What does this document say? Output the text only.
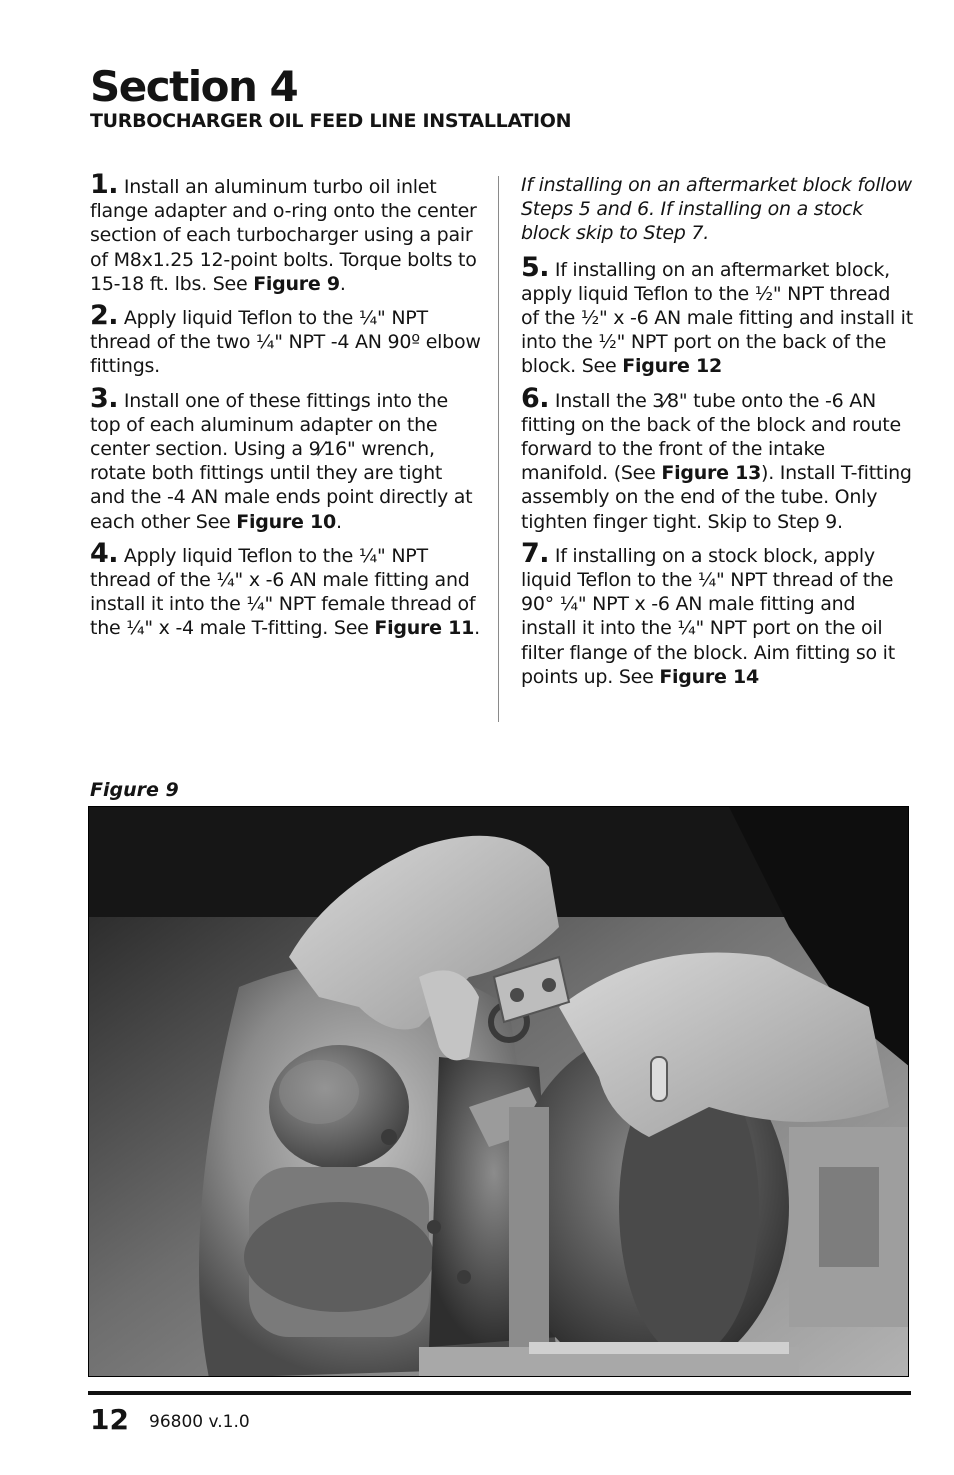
Section 4
TURBOCHARGER OIL FEED LINE INSTALLATION

1. Install an aluminum turbo oil inlet flange adapter and o-ring onto the center section of each turbocharger using a pair of M8x1.25 12-point bolts. Torque bolts to 15-18 ft. lbs. See Figure 9.

2. Apply liquid Teflon to the ¼" NPT thread of the two ¼" NPT -4 AN 90º elbow fittings.

3. Install one of these fittings into the top of each aluminum adapter on the center section. Using a 9⁄16" wrench, rotate both fittings until they are tight and the -4 AN male ends point directly at each other See Figure 10.

4. Apply liquid Teflon to the ¼" NPT thread of the ¼" x -6 AN male fitting and install it into the ¼" NPT female thread of the ¼" x -4 male T-fitting. See Figure 11.

If installing on an aftermarket block follow Steps 5 and 6. If installing on a stock block skip to Step 7.

5. If installing on an aftermarket block, apply liquid Teflon to the ½" NPT thread of the ½" x -6 AN male fitting and install it into the ½" NPT port on the back of the block. See Figure 12

6. Install the 3⁄8" tube onto the -6 AN fitting on the back of the block and route forward to the front of the intake manifold. (See Figure 13). Install T-fitting assembly on the end of the tube. Only tighten finger tight. Skip to Step 9.

7. If installing on a stock block, apply liquid Teflon to the ¼" NPT thread of the 90° ¼" NPT x -6 AN male fitting and install it into the ¼" NPT port on the oil filter flange of the block. Aim fitting so it points up. See Figure 14

Figure 9

12 96800 v.1.0
